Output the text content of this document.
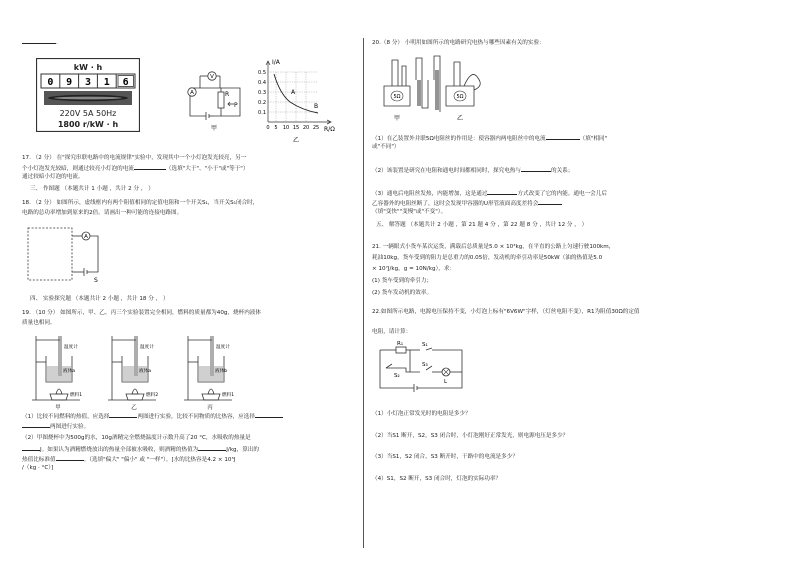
.
kW · h
0 9 3 1 6
220V 5A 50Hz
1800 r/kW · h
V
A	R
P
甲
I/A
R/Ω
0.5
0.4
0.3
0.2
0.1
0 5 10 15 20 25
A
B
乙
17. （2 分） 在"探究串联电路中的电流规律"实验中，发现其中一个小灯泡发光较亮，另一
个小灯泡发光较暗，则通过较亮小灯泡的电流	（选填"大于"、"小于"或"等于"）
通过较暗小灯泡的电流。
三、 作图题 （本题共计 1 小题 ，共计 2 分 ， ）
18. （2 分） 如图所示，虚线框内有两个阻值相同的定值电阻和一个开关S₁，当开关S₁闭合时，
电路的总功率增加到原来的2倍。请画出一种可能的连接电路图。
A
S
四、 实验探究题 （本题共计 2 小题 ，共计 18 分 ， ）
19. （10 分） 如图所示，甲、乙、丙三个实验装置完全相同，燃料的质量都为40g，烧杯内液体
质量也相同。
温度计
液体a
燃料1
甲
温度计
液体a
燃料2
乙
温度计
液体b
燃料1
丙
（1）比较不同燃料的热值，应选择	两图进行实验，比较不同物质的比热容，应选择
两图进行实验。
（2）甲图烧杯中为500g的水，10g酒精完全燃烧温度计示数升高了20 °C，水吸收的热量是
J。如果认为酒精燃烧放出的热量全部被水吸收，则酒精的热值为	J/kg，算出的
热值比标准值	。（选填"偏大" "偏小" 或 "一样"）。[水的比热容是4.2 × 10³J
/（kg · °C）]
20.（8 分） 小明用如图所示的电路研究电热与哪些因素有关的实验：
5Ω	5Ω
甲	乙
（1）在乙装置外并联5Ω电阻丝的作用是：使容器内两电阻丝中的电流	（填"相同"
或"不同"）
（2）该装置是研究在电阻和通电时间都相同时，探究电热与	的关系；
（3）通电后电阻丝发热，内能增加，这是通过	方式改变了它的内能。通电一会儿后
乙容器外的电阻丝断了，这时会发现甲容器的U形管液面高度差将会
（填"变快""变慢"或"不变"）。
五、 解答题 （本题共计 2 小题 ，第 21 题 4 分 ，第 22 题 8 分 ，共计 12 分 ， ）
21. 一辆眼式小货车某次运货，满载后总质量是5.0 × 10³kg，在平直的公路上匀速行驶100km，
耗油10kg，货车受到的阻力是总重力的0.05倍，发动机的牵引功率是50kW（油的热值是5.0
× 10⁷J/kg，g = 10N/kg），求：
(1) 货车受到的牵引力；
(2) 货车发动机的效率。
22.如图所示电路，电源电压保持不变，小灯泡上标有"6V6W"字样，（灯丝电阻不变），R1为阻值30Ω的定值
电阻，请计算：
R₁	S₁
S₂
S₃
L
（1）小灯泡正常发光时的电阻是多少？
（2）当S1 断开，S2，S3 闭合时，小灯泡刚好正常发光，则电源电压是多少？
（3）当S1，S2 闭合，S3 断开时，干路中的电流是多少？
（4）S1，S2 断开，S3 闭合时，灯泡的实际功率？
